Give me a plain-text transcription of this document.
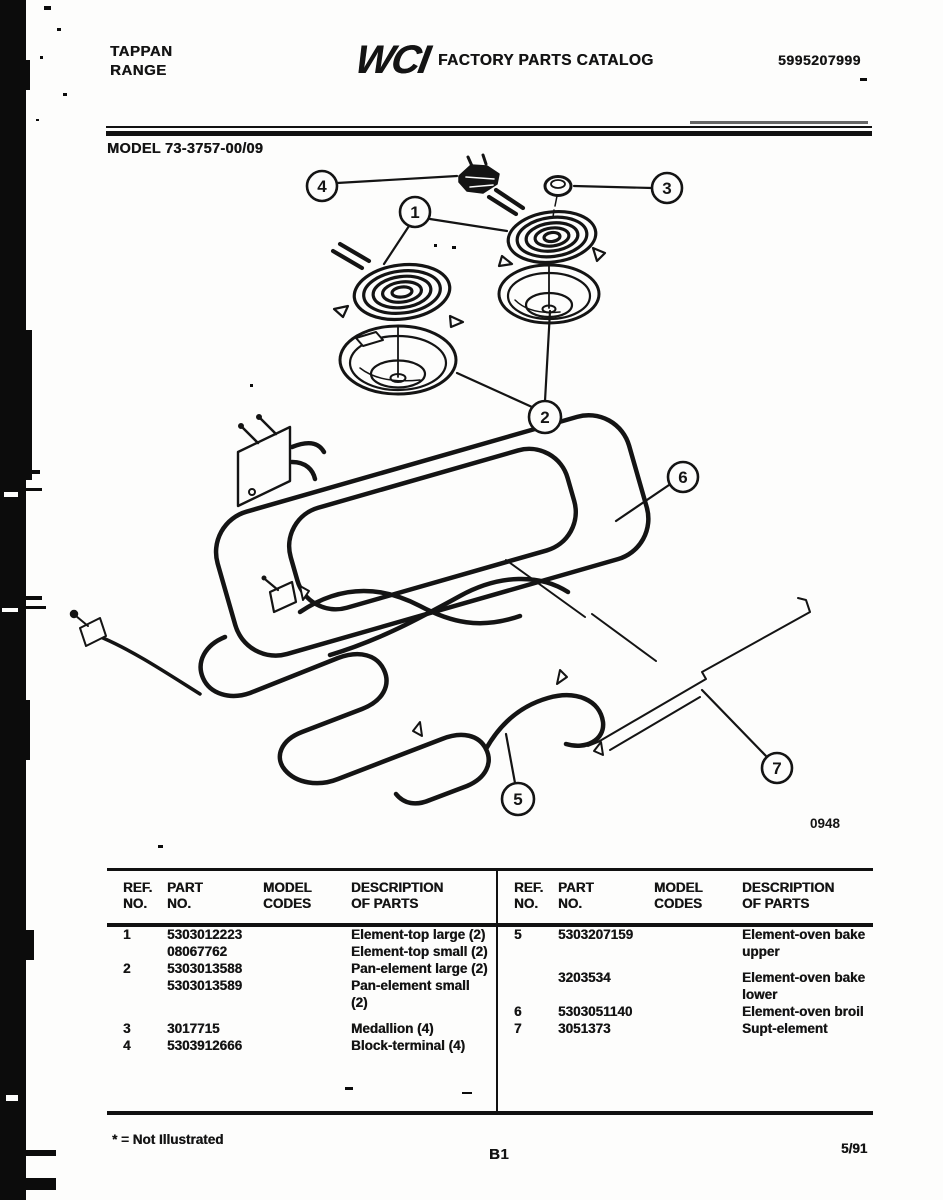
TAPPAN
RANGE	WCI FACTORY PARTS CATALOG	5995207999
MODEL 73-3757-00/09
1
2
3
4
5
6
7
0948
REF.
NO.
PART
NO.
MODEL
CODES
DESCRIPTION
OF PARTS
1	5303012223	Element-top large (2)
08067762	Element-top small (2)
2	5303013588	Pan-element large (2)
5303013589	Pan-element small
(2)
3	3017715	Medallion (4)
4	5303912666	Block-terminal (4)
REF.
NO.
PART
NO.
MODEL
CODES
DESCRIPTION
OF PARTS
5	5303207159	Element-oven bake
upper
3203534	Element-oven bake
lower
6	5303051140	Element-oven broil
7	3051373	Supt-element
* = Not Illustrated
B1	5/91
